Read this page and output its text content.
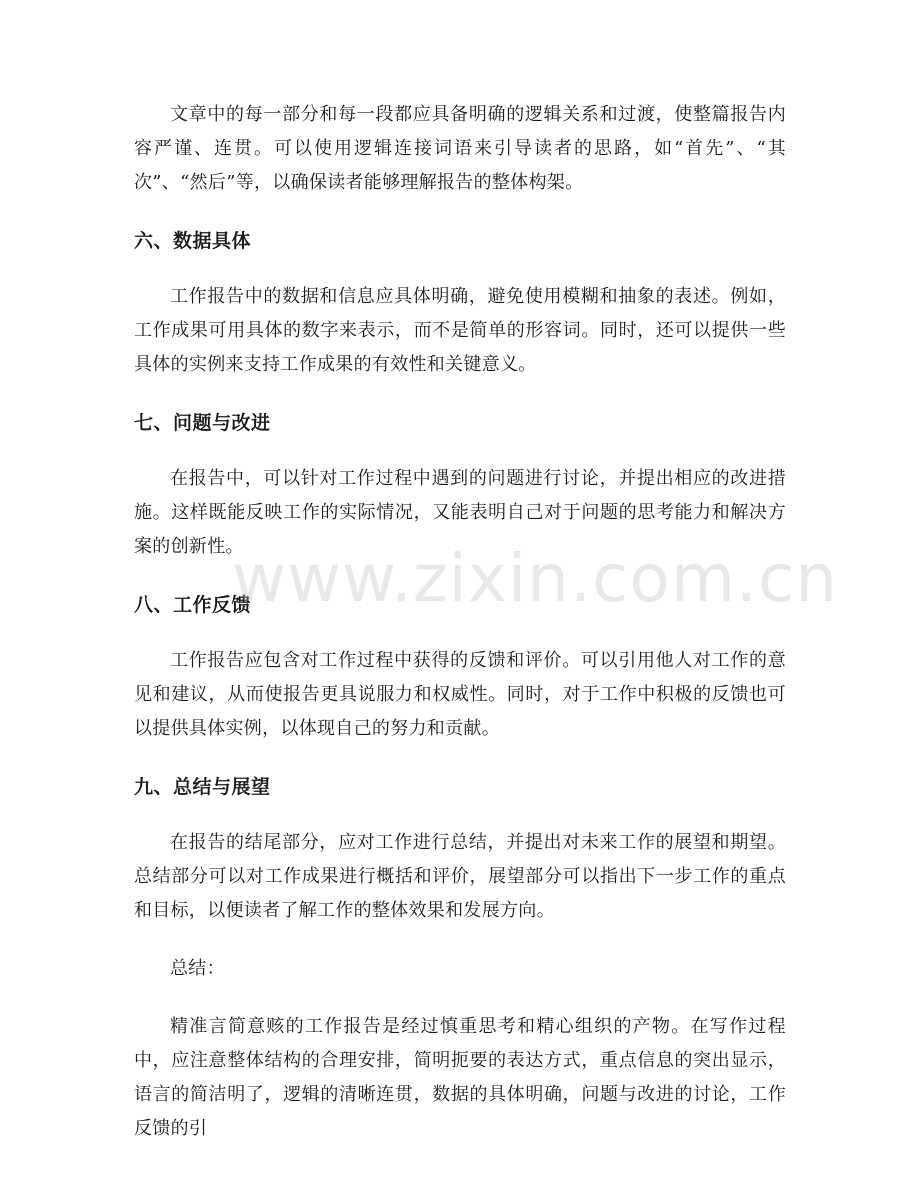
文章中的每一部分和每一段都应具备明确的逻辑关系和过渡，使整篇报告内容严谨、连贯。可以使用逻辑连接词语来引导读者的思路，如“首先”、“其次”、“然后”等，以确保读者能够理解报告的整体构架。

六、数据具体

工作报告中的数据和信息应具体明确，避免使用模糊和抽象的表述。例如，工作成果可用具体的数字来表示，而不是简单的形容词。同时，还可以提供一些具体的实例来支持工作成果的有效性和关键意义。

七、问题与改进

在报告中，可以针对工作过程中遇到的问题进行讨论，并提出相应的改进措施。这样既能反映工作的实际情况，又能表明自己对于问题的思考能力和解决方案的创新性。

八、工作反馈

工作报告应包含对工作过程中获得的反馈和评价。可以引用他人对工作的意见和建议，从而使报告更具说服力和权威性。同时，对于工作中积极的反馈也可以提供具体实例，以体现自己的努力和贡献。

九、总结与展望

在报告的结尾部分，应对工作进行总结，并提出对未来工作的展望和期望。总结部分可以对工作成果进行概括和评价，展望部分可以指出下一步工作的重点和目标，以便读者了解工作的整体效果和发展方向。

总结：

精准言简意赅的工作报告是经过慎重思考和精心组织的产物。在写作过程中，应注意整体结构的合理安排，简明扼要的表达方式，重点信息的突出显示，语言的简洁明了，逻辑的清晰连贯，数据的具体明确，问题与改进的讨论，工作反馈的引

www.zixin.com.cn
